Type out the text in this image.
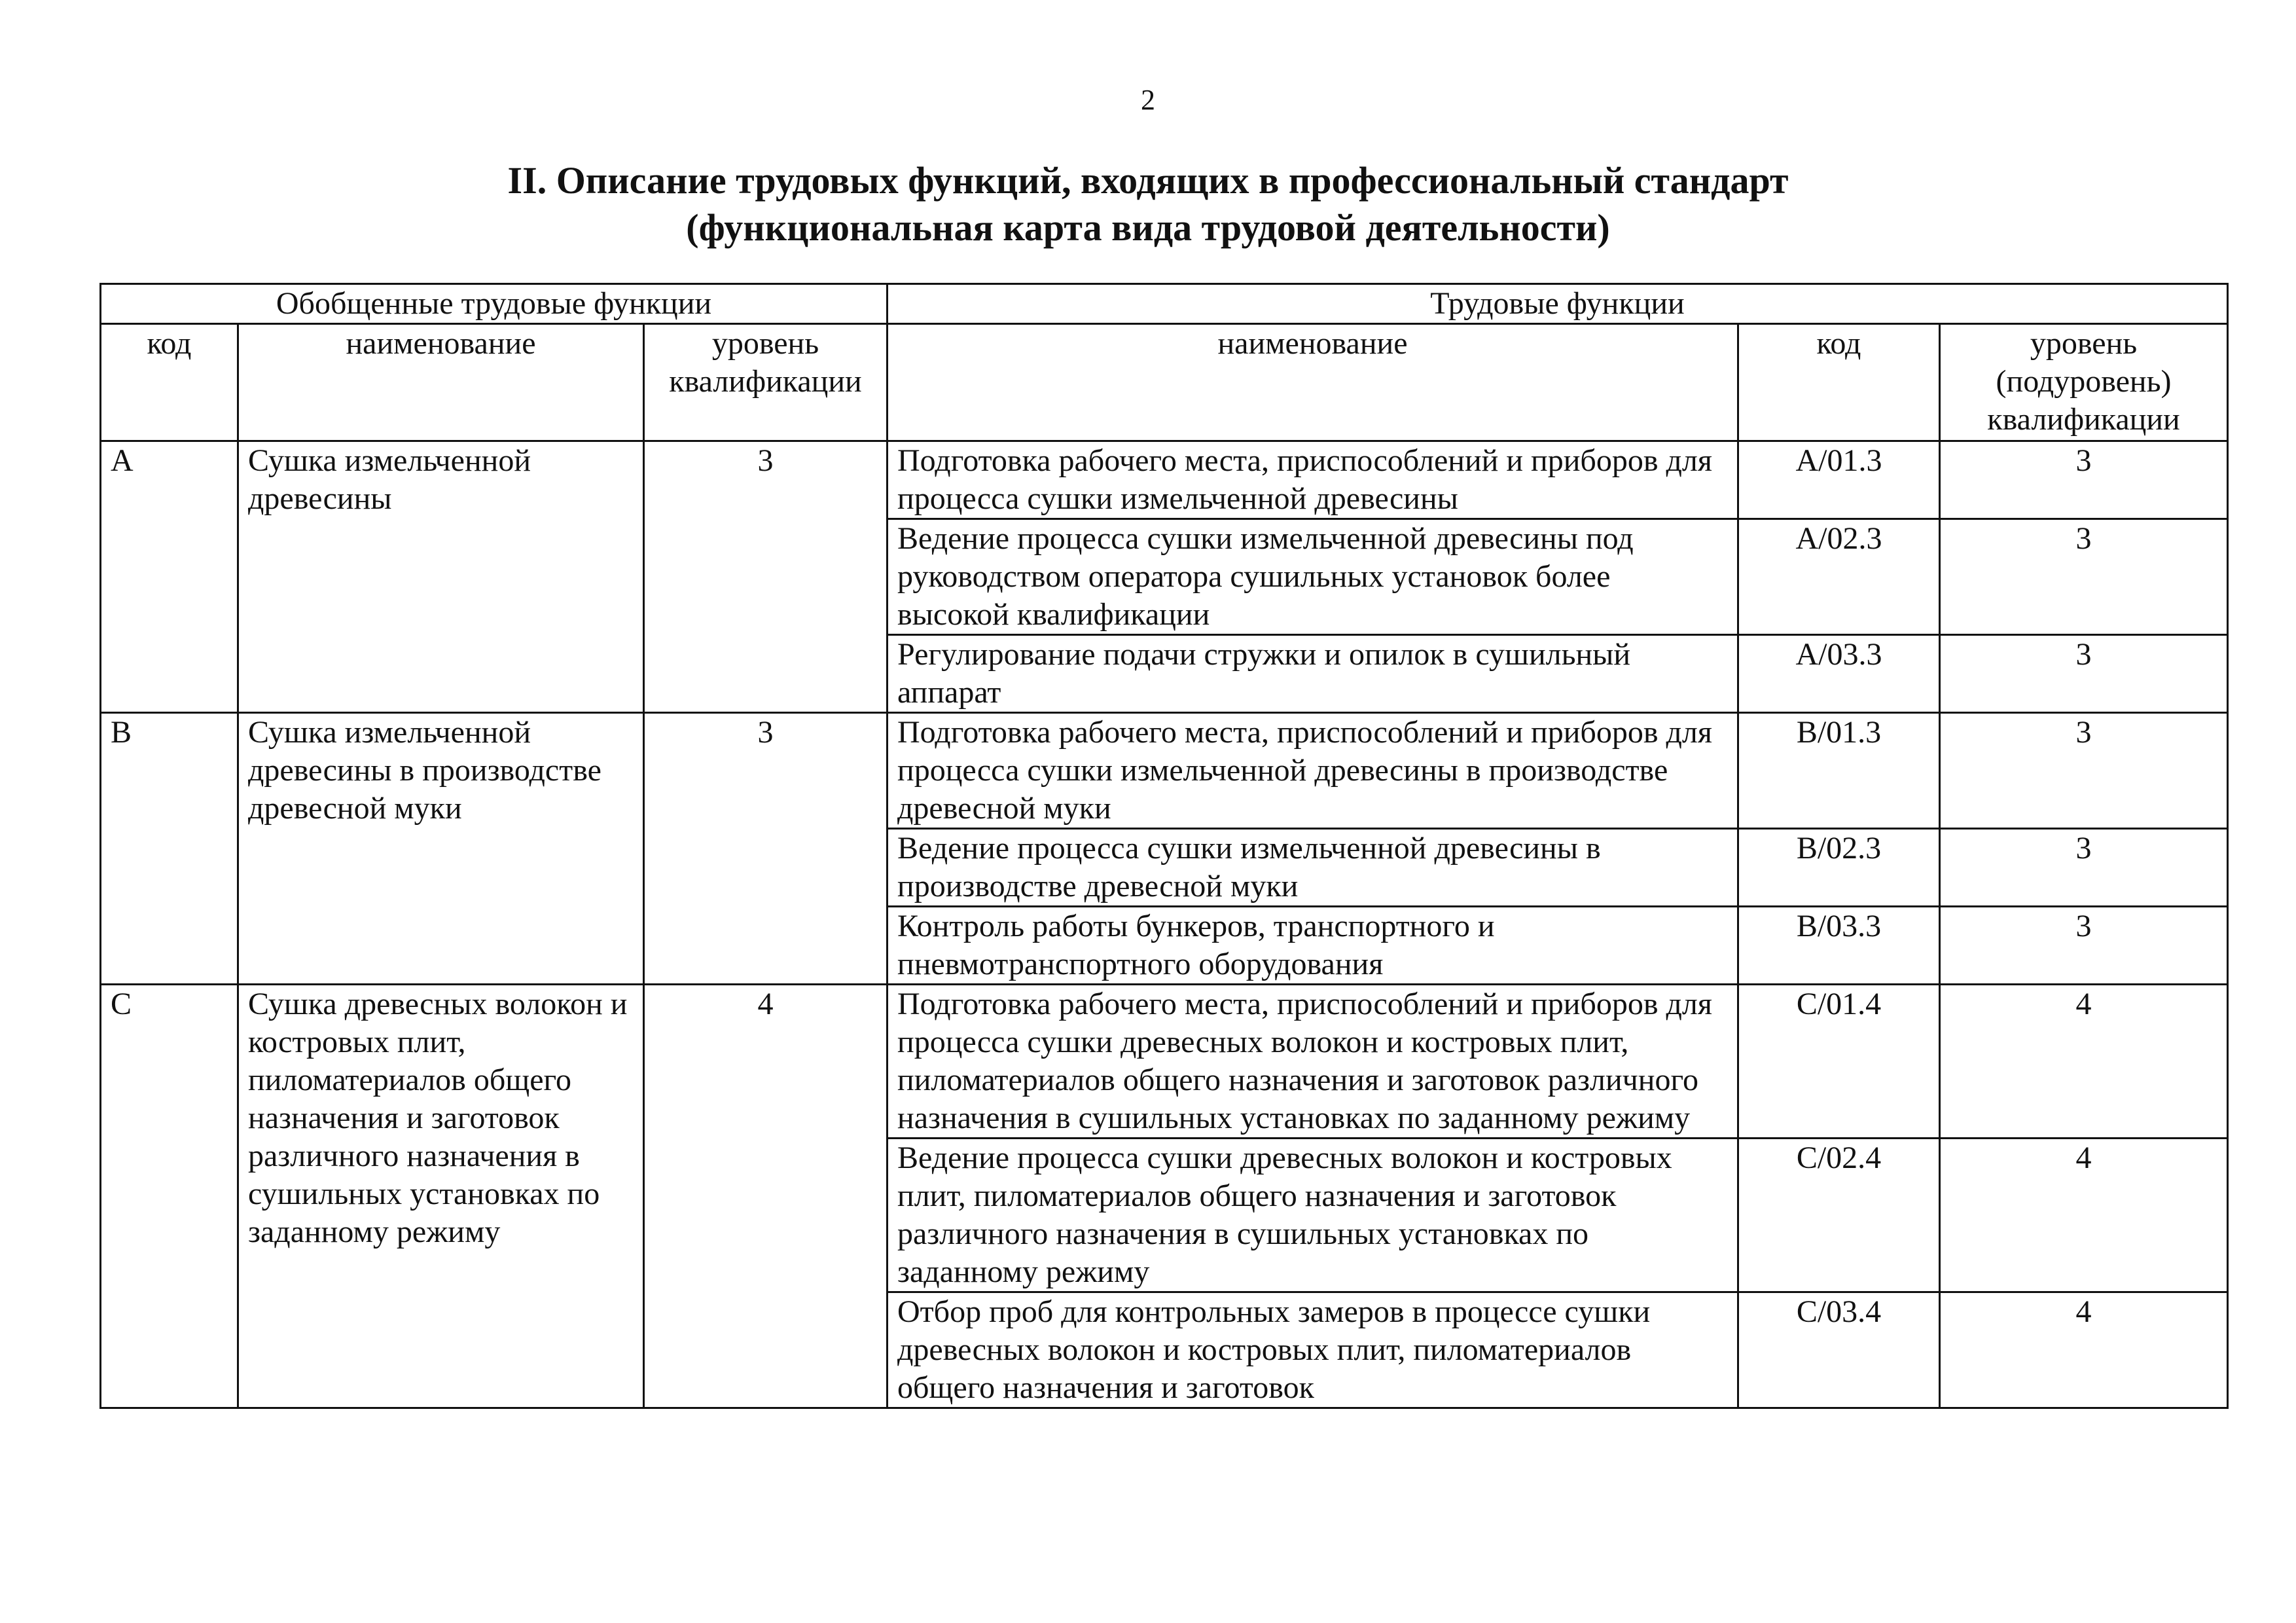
2
II. Описание трудовых функций, входящих в профессиональный стандарт
(функциональная карта вида трудовой деятельности)
Обобщенные трудовые функции			Трудовые функции		
код	наименование	уровень квалификации	наименование	код	уровень (подуровень) квалификации
A	Сушка измельченной древесины	3	Подготовка рабочего места, приспособлений и приборов для процесса сушки измельченной древесины	A/01.3	3
			Ведение процесса сушки измельченной древесины под руководством оператора сушильных установок более высокой квалификации	A/02.3	3
			Регулирование подачи стружки и опилок в сушильный аппарат	A/03.3	3
B	Сушка измельченной древесины в производстве древесной муки	3	Подготовка рабочего места, приспособлений и приборов для процесса сушки измельченной древесины в производстве древесной муки	B/01.3	3
			Ведение процесса сушки измельченной древесины в производстве древесной муки	B/02.3	3
			Контроль работы бункеров, транспортного и пневмотранспортного оборудования	B/03.3	3
C	Сушка древесных волокон и костровых плит, пиломатериалов общего назначения и заготовок различного назначения в сушильных установках по заданному режиму	4	Подготовка рабочего места, приспособлений и приборов для процесса сушки древесных волокон и костровых плит, пиломатериалов общего назначения и заготовок различного назначения в сушильных установках по заданному режиму	C/01.4	4
			Ведение процесса сушки древесных волокон и костровых плит, пиломатериалов общего назначения и заготовок различного назначения в сушильных установках по заданному режиму	C/02.4	4
			Отбор проб для контрольных замеров в процессе сушки древесных волокон и костровых плит, пиломатериалов общего назначения и заготовок	C/03.4	4
